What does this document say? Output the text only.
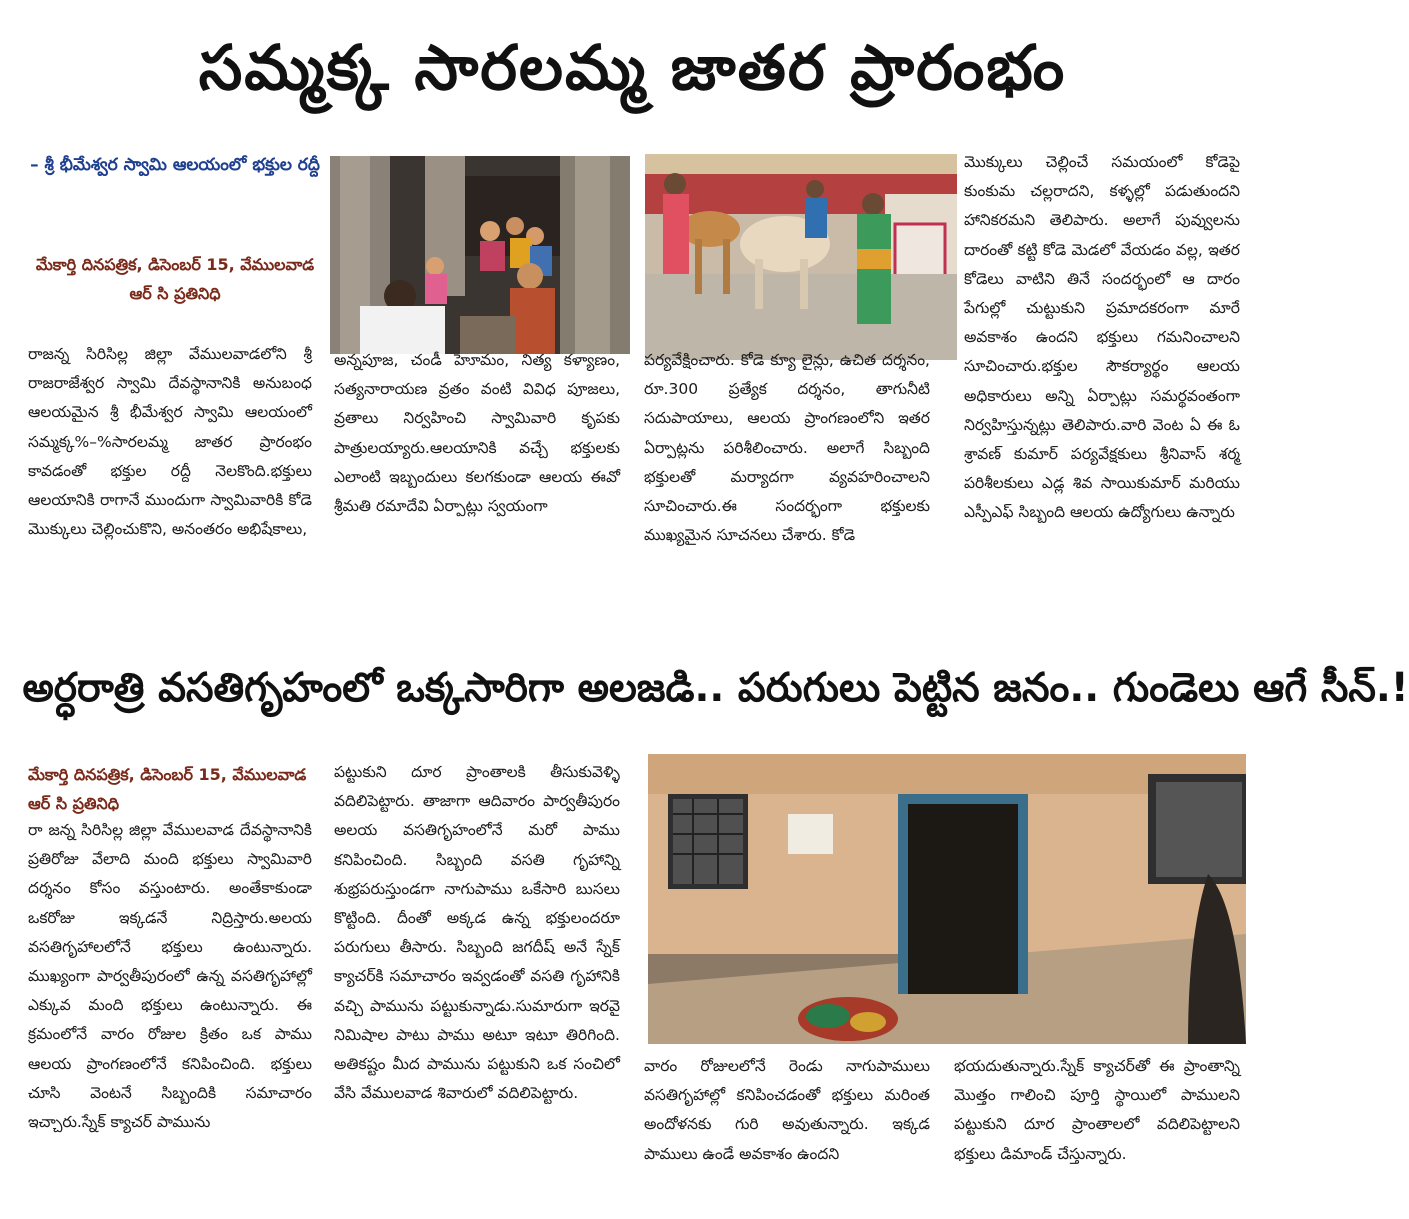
సమ్మక్క సారలమ్మ జాతర ప్రారంభం
– శ్రీ భీమేశ్వర స్వామి ఆలయంలో భక్తుల రద్దీ
మేకార్తి దినపత్రిక, డిసెంబర్ 15, వేములవాడ ఆర్ సి ప్రతినిధి
రాజన్న సిరిసిల్ల జిల్లా వేములవాడలోని శ్రీ రాజరాజేశ్వర స్వామి దేవస్థానానికి అనుబంధ ఆలయమైన శ్రీ భీమేశ్వర స్వామి ఆలయంలో సమ్మక్క%–%సారలమ్మ జాతర ప్రారంభం కావడంతో భక్తుల రద్దీ నెలకొంది.భక్తులు ఆలయానికి రాగానే ముందుగా స్వామివారికి కోడె మొక్కులు చెల్లించుకొని, అనంతరం అభిషేకాలు,
అన్నపూజ, చండీ హెూమం, నిత్య కళ్యాణం, సత్యనారాయణ వ్రతం వంటి వివిధ పూజలు, వ్రతాలు నిర్వహించి స్వామివారి కృపకు పాత్రులయ్యారు.ఆలయానికి వచ్చే భక్తులకు ఎలాంటి ఇబ్బందులు కలగకుండా ఆలయ ఈవో శ్రీమతి రమాదేవి ఏర్పాట్లు స్వయంగా
పర్యవేక్షించారు. కోడె క్యూ లైన్లు, ఉచిత దర్శనం, రూ.300 ప్రత్యేక దర్శనం, తాగునీటి సదుపాయాలు, ఆలయ ప్రాంగణంలోని ఇతర ఏర్పాట్లను పరిశీలించారు. అలాగే సిబ్బంది భక్తులతో మర్యాదగా వ్యవహరించాలని సూచించారు.ఈ సందర్భంగా భక్తులకు ముఖ్యమైన సూచనలు చేశారు. కోడె
మొక్కులు చెల్లించే సమయంలో కోడెపై కుంకుమ చల్లరాదని, కళ్ళల్లో పడుతుందని హానికరమని తెలిపారు. అలాగే పువ్వులను దారంతో కట్టి కోడె మెడలో వేయడం వల్ల, ఇతర కోడెలు వాటిని తినే సందర్భంలో ఆ దారం పేగుల్లో చుట్టుకుని ప్రమాదకరంగా మారే అవకాశం ఉందని భక్తులు గమనించాలని సూచించారు.భక్తుల సౌకర్యార్థం ఆలయ అధికారులు అన్ని ఏర్పాట్లు సమర్థవంతంగా నిర్వహిస్తున్నట్లు తెలిపారు.వారి వెంట ఏ ఈ ఓ శ్రావణ్ కుమార్ పర్యవేక్షకులు శ్రీనివాస్ శర్మ పరిశీలకులు ఎడ్ల శివ సాయికుమార్ మరియు ఎస్పీఎఫ్ సిబ్బంది ఆలయ ఉద్యోగులు ఉన్నారు
అర్ధరాత్రి వసతిగృహంలో ఒక్కసారిగా అలజడి.. పరుగులు పెట్టిన జనం.. గుండెలు ఆగే సీన్.!
మేకార్తి దినపత్రిక, డిసెంబర్ 15, వేములవాడ ఆర్ సి ప్రతినిధి
రా జన్న సిరిసిల్ల జిల్లా వేములవాడ దేవస్థానానికి ప్రతిరోజు వేలాది మంది భక్తులు స్వామివారి దర్శనం కోసం వస్తుంటారు. అంతేకాకుండా ఒకరోజు ఇక్కడనే నిద్రిస్తారు.అలయ వసతిగృహాలలోనే భక్తులు ఉంటున్నారు. ముఖ్యంగా పార్వతీపురంలో ఉన్న వసతిగృహాల్లో ఎక్కువ మంది భక్తులు ఉంటున్నారు. ఈ క్రమంలోనే వారం రోజుల క్రితం ఒక పాము ఆలయ ప్రాంగణంలోనే కనిపించింది. భక్తులు చూసి వెంటనే సిబ్బందికి సమాచారం ఇచ్చారు.స్నేక్ క్యాచర్ పామును
పట్టుకుని దూర ప్రాంతాలకి తీసుకువెళ్ళి వదిలిపెట్టారు. తాజాగా ఆదివారం పార్వతీపురం అలయ వసతిగృహంలోనే మరో పాము కనిపించింది. సిబ్బంది వసతి గృహాన్ని శుభ్రపరుస్తుండగా నాగుపాము ఒకేసారి బుసలు కొట్టింది. దీంతో అక్కడ ఉన్న భక్తులందరూ పరుగులు తీసారు. సిబ్బంది జగదీష్ అనే స్నేక్ క్యాచర్‌కి సమాచారం ఇవ్వడంతో వసతి గృహానికి వచ్చి పామును పట్టుకున్నాడు.సుమారుగా ఇరవై నిమిషాల పాటు పాము అటూ ఇటూ తిరిగింది. అతికష్టం మీద పామును పట్టుకుని ఒక సంచిలో వేసి వేములవాడ శివారులో వదిలిపెట్టారు.
వారం రోజులలోనే రెండు నాగుపాములు వసతిగృహాల్లో కనిపించడంతో భక్తులు మరింత అందోళనకు గురి అవుతున్నారు. ఇక్కడ పాములు ఉండే అవకాశం ఉందని
భయదుతున్నారు.స్నేక్ క్యాచర్‌తో ఈ ప్రాంతాన్ని మొత్తం గాలించి పూర్తి స్థాయిలో పాములని పట్టుకుని దూర ప్రాంతాలలో వదిలిపెట్టాలని భక్తులు డిమాండ్ చేస్తున్నారు.
